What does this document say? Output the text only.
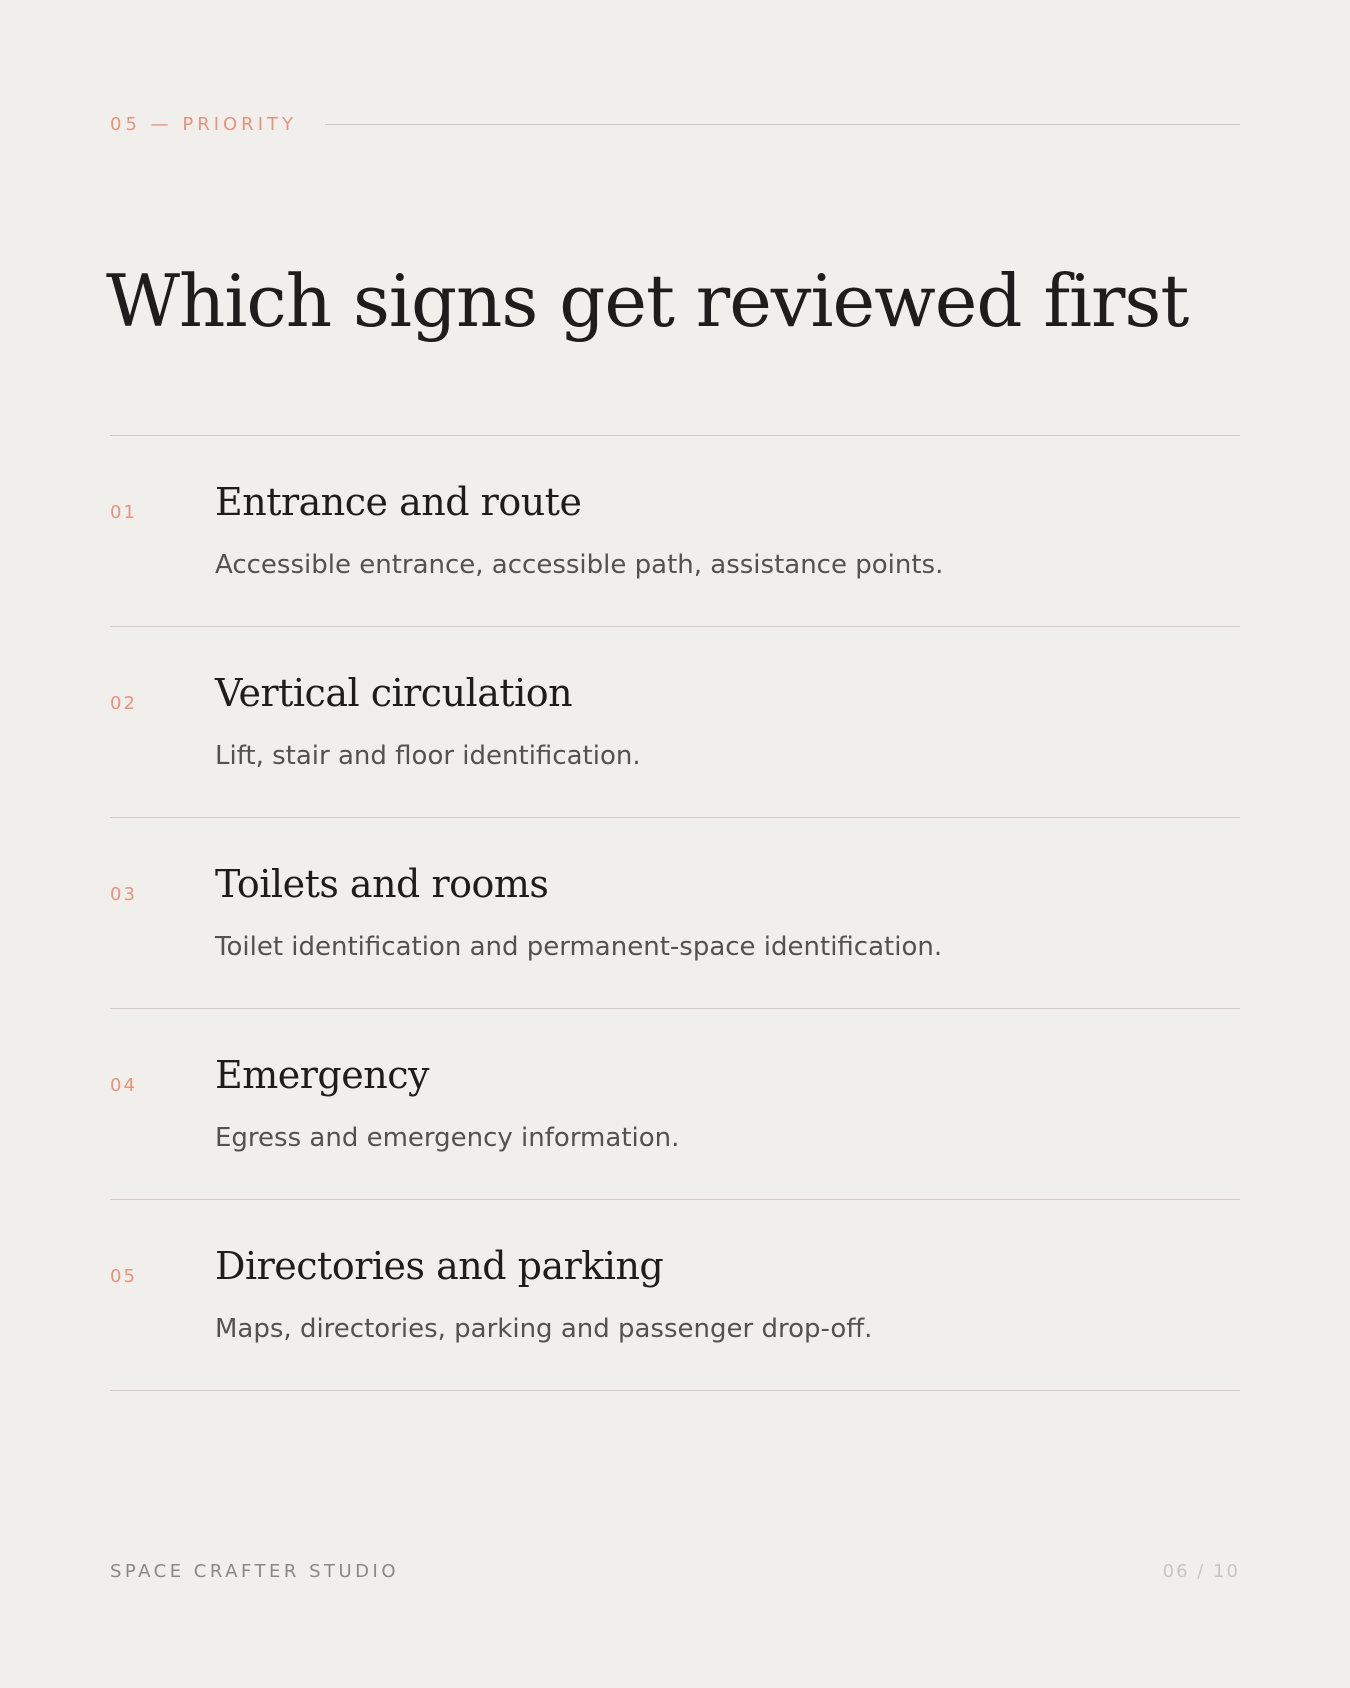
05 — PRIORITY
Which signs get reviewed first
01 Entrance and route
Accessible entrance, accessible path, assistance points.
02 Vertical circulation
Lift, stair and floor identification.
03 Toilets and rooms
Toilet identification and permanent-space identification.
04 Emergency
Egress and emergency information.
05 Directories and parking
Maps, directories, parking and passenger drop-off.
SPACE CRAFTER STUDIO	06 / 10
